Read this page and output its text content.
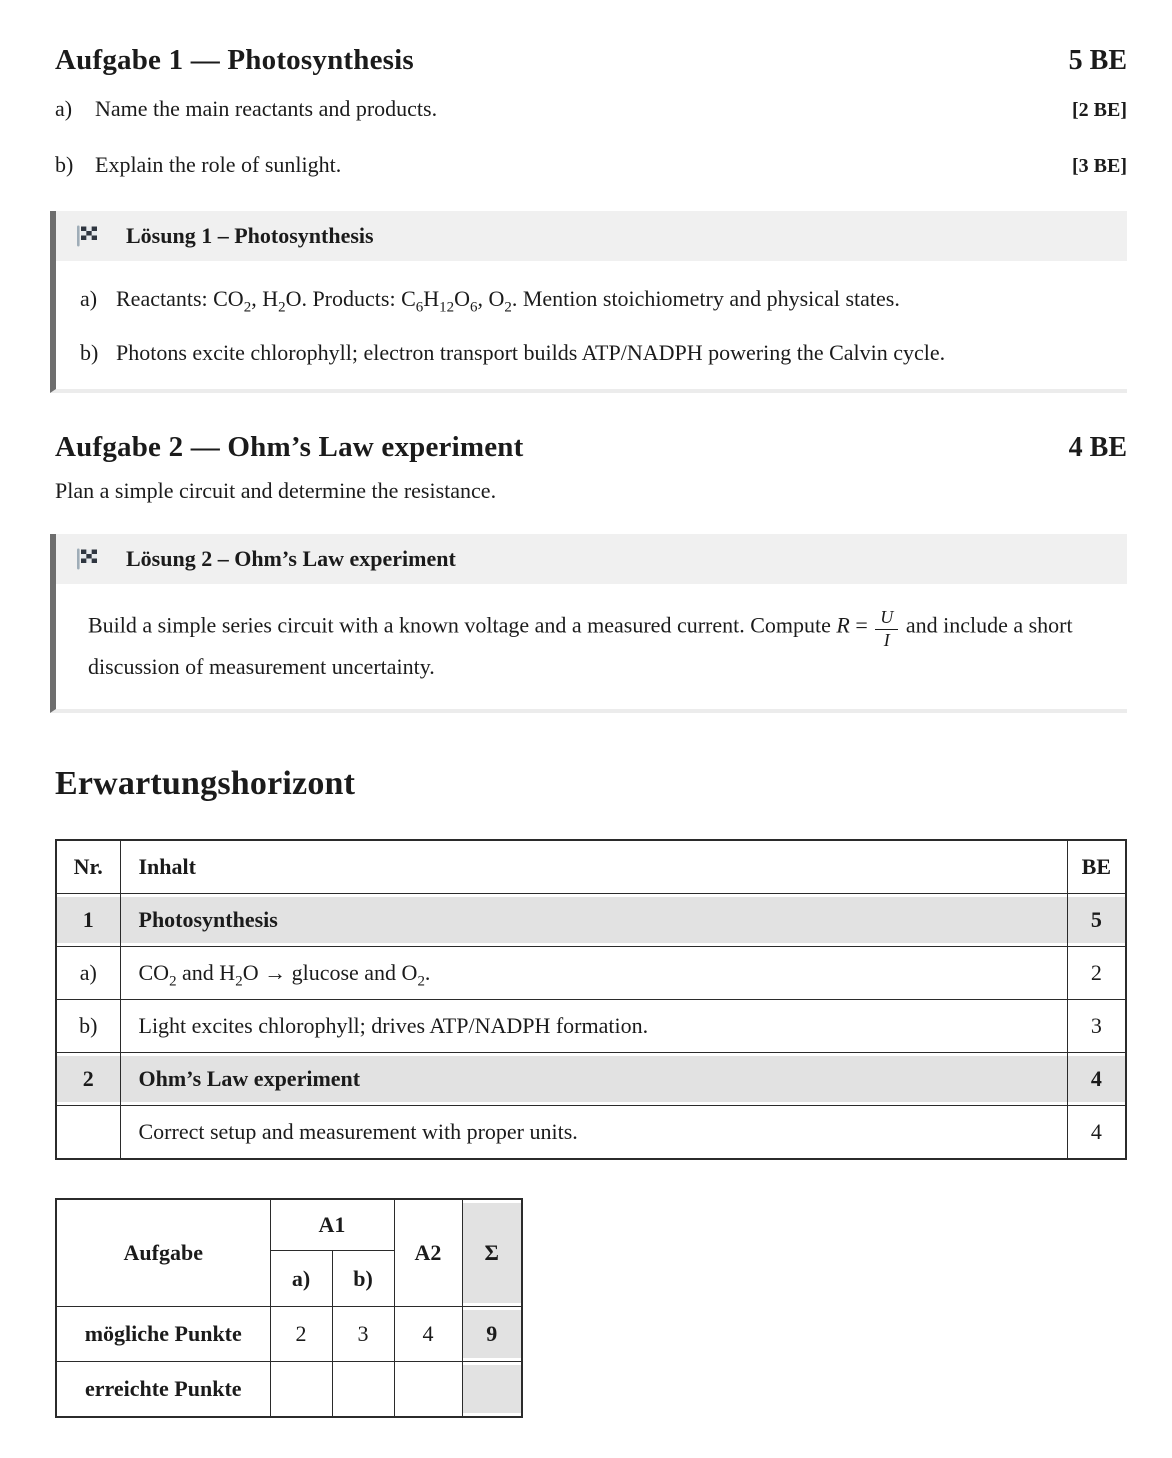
Aufgabe 1 — Photosynthesis	5 BE
a)	Name the main reactants and products.	[2 BE]
b) Explain the role of sunlight.	[3 BE]
Lösung 1 – Photosynthesis
a) Reactants: $CO_2$, $H_2O$. Products: $C_6H_{12}O_6$, $O_2$. Mention stoichiometry and physical states.
b) Photons excite chlorophyll; electron transport builds ATP/NADPH powering the Calvin cycle.
Aufgabe 2 — Ohm’s Law experiment	4 BE

Plan a simple circuit and determine the resistance.

Lösung 2 – Ohm’s Law experiment

Build a simple series circuit with a known voltage and a measured current. Compute $R = \frac{U}{I}$ and include a short discussion of measurement uncertainty.

Erwartungshorizont
Nr.	Inhalt	BE
1	Photosynthesis	5
a)	$CO_2$ and $H_2O \to glucose$ and $O_2$.	2
b)	Light excites chlorophyll; drives ATP/NADPH formation.	3
2	Ohm’s Law experiment	4
	Correct setup and measurement with proper units.	4
Aufgabe	A1		A2	Σ
	a)	b)		
mögliche Punkte	2	3	4	9
erreichte Punkte				
